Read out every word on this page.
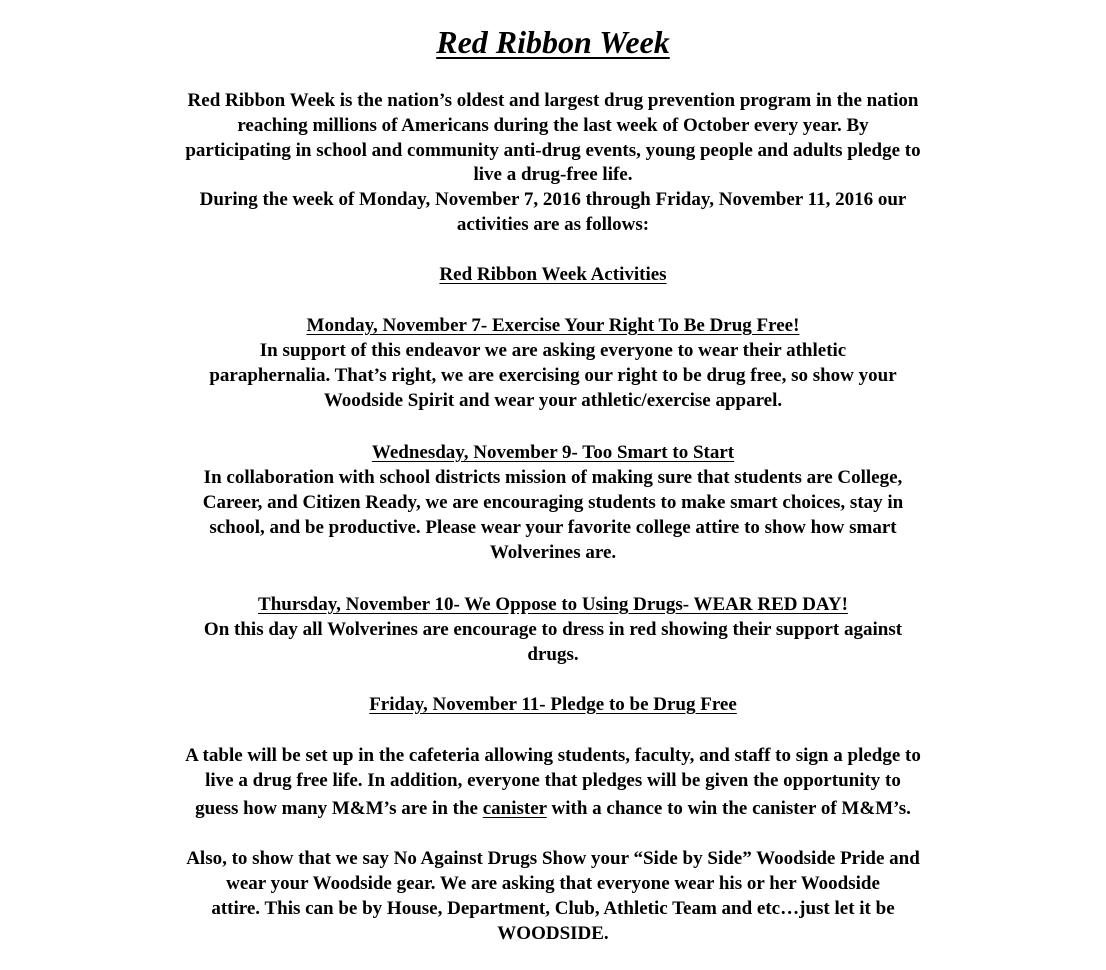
Red Ribbon Week
Red Ribbon Week is the nation’s oldest and largest drug prevention program in the nation
reaching millions of Americans during the last week of October every year. By
participating in school and community anti-drug events, young people and adults pledge to
live a drug-free life.
During the week of Monday, November 7, 2016 through Friday, November 11, 2016 our
activities are as follows:
Red Ribbon Week Activities
Monday, November 7- Exercise Your Right To Be Drug Free!
In support of this endeavor we are asking everyone to wear their athletic
paraphernalia. That’s right, we are exercising our right to be drug free, so show your
Woodside Spirit and wear your athletic/exercise apparel.
Wednesday, November 9- Too Smart to Start
In collaboration with school districts mission of making sure that students are College,
Career, and Citizen Ready, we are encouraging students to make smart choices, stay in
school, and be productive. Please wear your favorite college attire to show how smart
Wolverines are.
Thursday, November 10- We Oppose to Using Drugs- WEAR RED DAY!
On this day all Wolverines are encourage to dress in red showing their support against
drugs.
Friday, November 11- Pledge to be Drug Free
A table will be set up in the cafeteria allowing students, faculty, and staff to sign a pledge to
live a drug free life. In addition, everyone that pledges will be given the opportunity to
guess how many M&M’s are in the canister with a chance to win the canister of M&M’s.
Also, to show that we say No Against Drugs Show your “Side by Side” Woodside Pride and
wear your Woodside gear. We are asking that everyone wear his or her Woodside
attire. This can be by House, Department, Club, Athletic Team and etc…just let it be
WOODSIDE.
